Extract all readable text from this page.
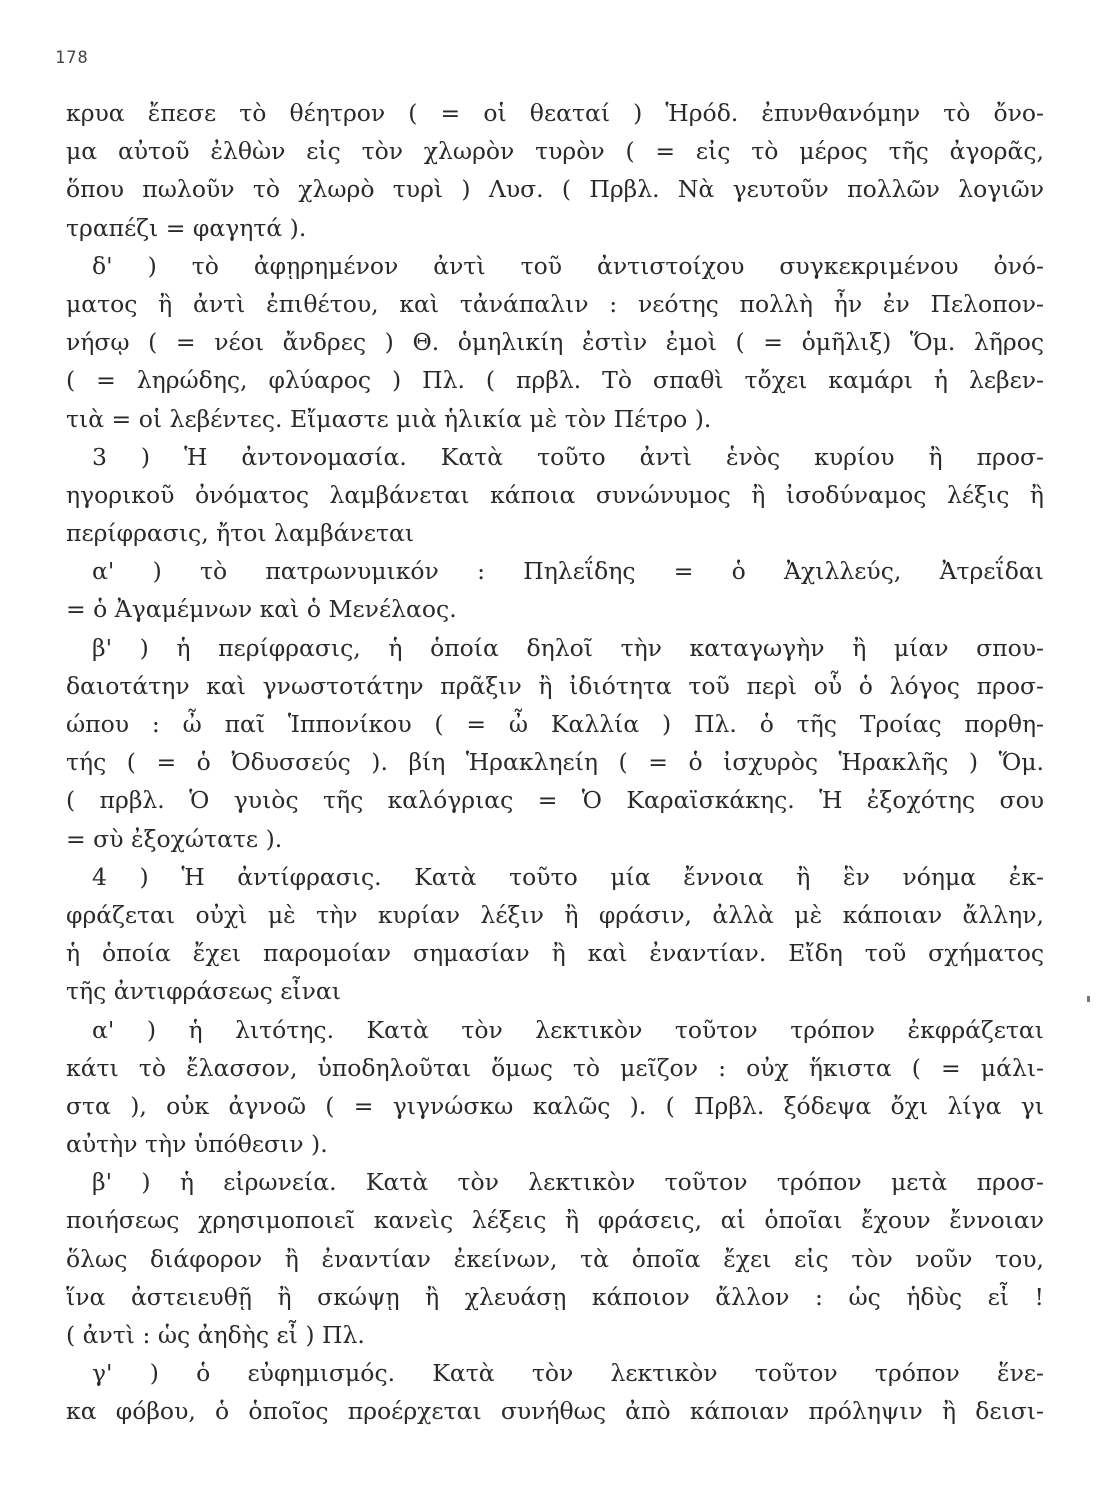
178
κρυα ἔπεσε τὸ θέητρον ( = οἱ θεαταί ) Ἡρόδ. ἐπυνθανόμην τὸ ὄνο-
μα αὐτοῦ ἐλθὼν εἰς τὸν χλωρὸν τυρὸν ( = εἰς τὸ μέρος τῆς ἀγορᾶς,
ὅπου πωλοῦν τὸ χλωρὸ τυρὶ ) Λυσ. ( Πρβλ. Νὰ γευτοῦν πολλῶν λογιῶν
τραπέζι = φαγητά ).
δ' ) τὸ ἀφῃρημένον ἀντὶ τοῦ ἀντιστοίχου συγκεκριμένου ὀνό-
ματος ἢ ἀντὶ ἐπιθέτου, καὶ τἀνάπαλιν : νεότης πολλὴ ἦν ἐν Πελοπον-
νήσῳ ( = νέοι ἄνδρες ) Θ. ὁμηλικίη ἐστὶν ἐμοὶ ( = ὁμῆλιξ) Ὅμ. λῆρος
( = ληρώδης, φλύαρος ) Πλ. ( πρβλ. Τὸ σπαθὶ τὄχει καμάρι ἡ λεβεν-
τιὰ = οἱ λεβέντες. Εἴμαστε μιὰ ἡλικία μὲ τὸν Πέτρο ).
3 ) Ἡ ἀντονομασία. Κατὰ τοῦτο ἀντὶ ἑνὸς κυρίου ἢ προσ-
ηγορικοῦ ὀνόματος λαμβάνεται κάποια συνώνυμος ἢ ἰσοδύναμος λέξις ἢ
περίφρασις, ἤτοι λαμβάνεται
α' ) τὸ πατρωνυμικόν : Πηλεΐδης = ὁ Ἀχιλλεύς, Ἀτρεΐδαι
= ὁ Ἀγαμέμνων καὶ ὁ Μενέλαος.
β' ) ἡ περίφρασις, ἡ ὁποία δηλοῖ τὴν καταγωγὴν ἢ μίαν σπου-
δαιοτάτην καὶ γνωστοτάτην πρᾶξιν ἢ ἰδιότητα τοῦ περὶ οὗ ὁ λόγος προσ-
ώπου : ὦ παῖ Ἱππονίκου ( = ὦ Καλλία ) Πλ. ὁ τῆς Τροίας πορθη-
τής ( = ὁ Ὀδυσσεύς ). βίη Ἡρακληείη ( = ὁ ἰσχυρὸς Ἡρακλῆς ) Ὅμ.
( πρβλ. Ὁ γυιὸς τῆς καλόγριας = Ὁ Καραϊσκάκης. Ἡ ἐξοχότης σου
= σὺ ἐξοχώτατε ).
4 ) Ἡ ἀντίφρασις. Κατὰ τοῦτο μία ἔννοια ἢ ἓν νόημα ἐκ-
φράζεται οὐχὶ μὲ τὴν κυρίαν λέξιν ἢ φράσιν, ἀλλὰ μὲ κάποιαν ἄλλην,
ἡ ὁποία ἔχει παρομοίαν σημασίαν ἢ καὶ ἐναντίαν. Εἴδη τοῦ σχήματος
τῆς ἀντιφράσεως εἶναι
α' ) ἡ λιτότης. Κατὰ τὸν λεκτικὸν τοῦτον τρόπον ἐκφράζεται
κάτι τὸ ἔλασσον, ὑποδηλοῦται ὅμως τὸ μεῖζον : οὐχ ἥκιστα ( = μάλι-
στα ), οὐκ ἀγνοῶ ( = γιγνώσκω καλῶς ). ( Πρβλ. ξόδεψα ὄχι λίγα γι
αὐτὴν τὴν ὑπόθεσιν ).
β' ) ἡ εἰρωνεία. Κατὰ τὸν λεκτικὸν τοῦτον τρόπον μετὰ προσ-
ποιήσεως χρησιμοποιεῖ κανεὶς λέξεις ἢ φράσεις, αἱ ὁποῖαι ἔχουν ἔννοιαν
ὅλως διάφορον ἢ ἐναντίαν ἐκείνων, τὰ ὁποῖα ἔχει εἰς τὸν νοῦν του,
ἵνα ἀστειευθῇ ἢ σκώψῃ ἢ χλευάσῃ κάποιον ἄλλον : ὡς ἡδὺς εἶ !
( ἀντὶ : ὡς ἀηδὴς εἶ ) Πλ.
γ' ) ὁ εὐφημισμός. Κατὰ τὸν λεκτικὸν τοῦτον τρόπον ἕνε-
κα φόβου, ὁ ὁποῖος προέρχεται συνήθως ἀπὸ κάποιαν πρόληψιν ἢ δεισι-
